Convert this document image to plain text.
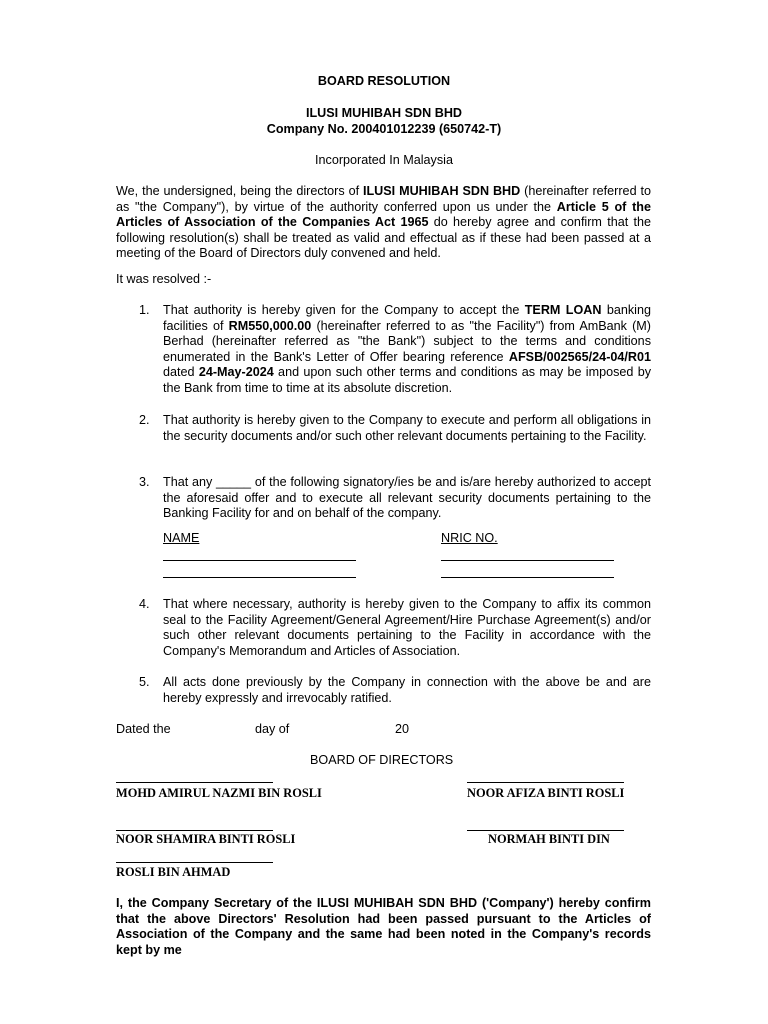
BOARD RESOLUTION
ILUSI MUHIBAH SDN BHD
Company No. 200401012239 (650742-T)
Incorporated In Malaysia
We, the undersigned, being the directors of ILUSI MUHIBAH SDN BHD (hereinafter referred to as "the Company"), by virtue of the authority conferred upon us under the Article 5 of the Articles of Association of the Companies Act 1965 do hereby agree and confirm that the following resolution(s) shall be treated as valid and effectual as if these had been passed at a meeting of the Board of Directors duly convened and held.
It was resolved :-
1. That authority is hereby given for the Company to accept the TERM LOAN banking facilities of RM550,000.00 (hereinafter referred to as "the Facility") from AmBank (M) Berhad (hereinafter referred as "the Bank") subject to the terms and conditions enumerated in the Bank's Letter of Offer bearing reference AFSB/002565/24-04/R01 dated 24-May-2024 and upon such other terms and conditions as may be imposed by the Bank from time to time at its absolute discretion.
2. That authority is hereby given to the Company to execute and perform all obligations in the security documents and/or such other relevant documents pertaining to the Facility.
3. That any _____ of the following signatory/ies be and is/are hereby authorized to accept the aforesaid offer and to execute all relevant security documents pertaining to the Banking Facility for and on behalf of the company.
NAME	NRIC NO.
4. That where necessary, authority is hereby given to the Company to affix its common seal to the Facility Agreement/General Agreement/Hire Purchase Agreement(s) and/or such other relevant documents pertaining to the Facility in accordance with the Company's Memorandum and Articles of Association.
5. All acts done previously by the Company in connection with the above be and are hereby expressly and irrevocably ratified.
Dated the	day of	20
BOARD OF DIRECTORS
MOHD AMIRUL NAZMI BIN ROSLI	NOOR AFIZA BINTI ROSLI
NOOR SHAMIRA BINTI ROSLI	NORMAH BINTI DIN
ROSLI BIN AHMAD
I, the Company Secretary of the ILUSI MUHIBAH SDN BHD ('Company') hereby confirm that the above Directors' Resolution had been passed pursuant to the Articles of Association of the Company and the same had been noted in the Company's records kept by me
